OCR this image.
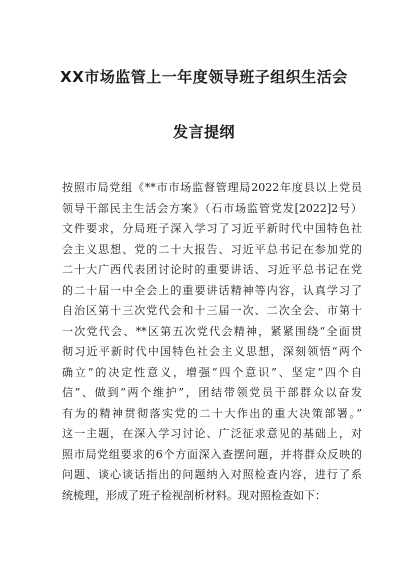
XX市场监管上一年度领导班子组织生活会
发言提纲
按照市局党组《**市市场监督管理局2022年度县以上党员
领导干部民主生活会方案》（石市场监管党发[2022]2号）
文件要求，分局班子深入学习了习近平新时代中国特色社
会主义思想、党的二十大报告、习近平总书记在参加党的
二十大广西代表团讨论时的重要讲话、习近平总书记在党
的二十届一中全会上的重要讲话精神等内容，认真学习了
自治区第十三次党代会和十三届一次、二次全会、市第十
一次党代会、**区第五次党代会精神，紧紧围绕“全面贯
彻习近平新时代中国特色社会主义思想，深刻领悟“两个
确立”的决定性意义，增强“四个意识”、坚定“四个自
信”、做到“两个维护”，团结带领党员干部群众以奋发
有为的精神贯彻落实党的二十大作出的重大决策部署。”
这一主题，在深入学习讨论、广泛征求意见的基础上，对
照市局党组要求的6个方面深入查摆问题，并将群众反映的
问题、谈心谈话指出的问题纳入对照检查内容，进行了系
统梳理，形成了班子检视剖析材料。现对照检查如下：
